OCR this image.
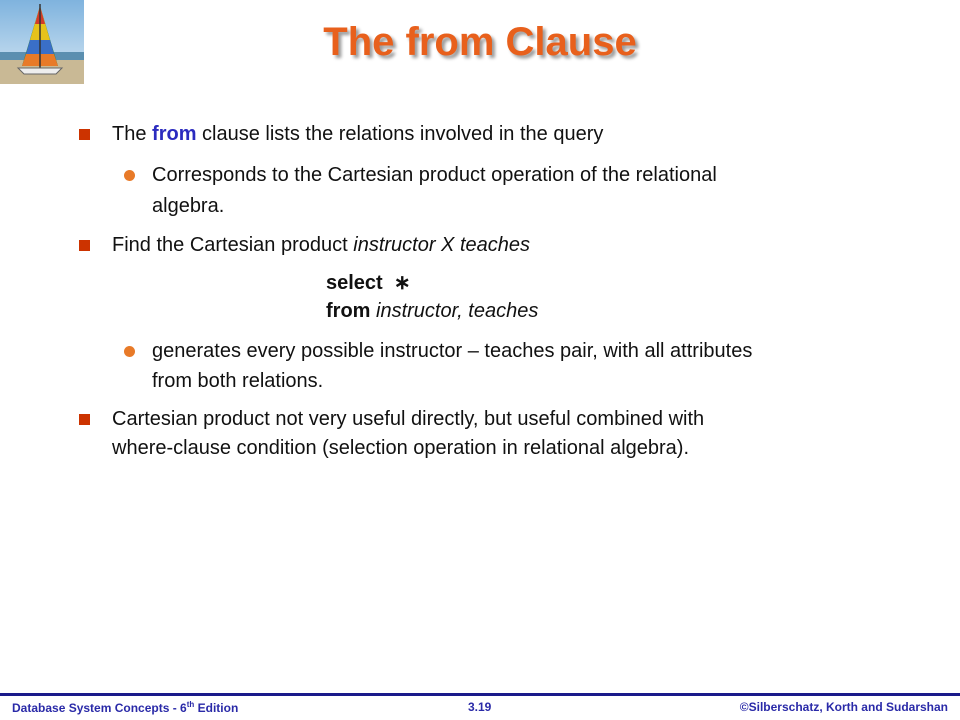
The from Clause
The from clause lists the relations involved in the query
Corresponds to the Cartesian product operation of the relational
algebra.
Find the Cartesian product instructor X teaches
select ∗
from instructor, teaches
generates every possible instructor – teaches pair, with all attributes
from both relations.
Cartesian product not very useful directly, but useful combined with
where-clause condition (selection operation in relational algebra).
Database System Concepts - 6th Edition	3.19	©Silberschatz, Korth and Sudarshan
